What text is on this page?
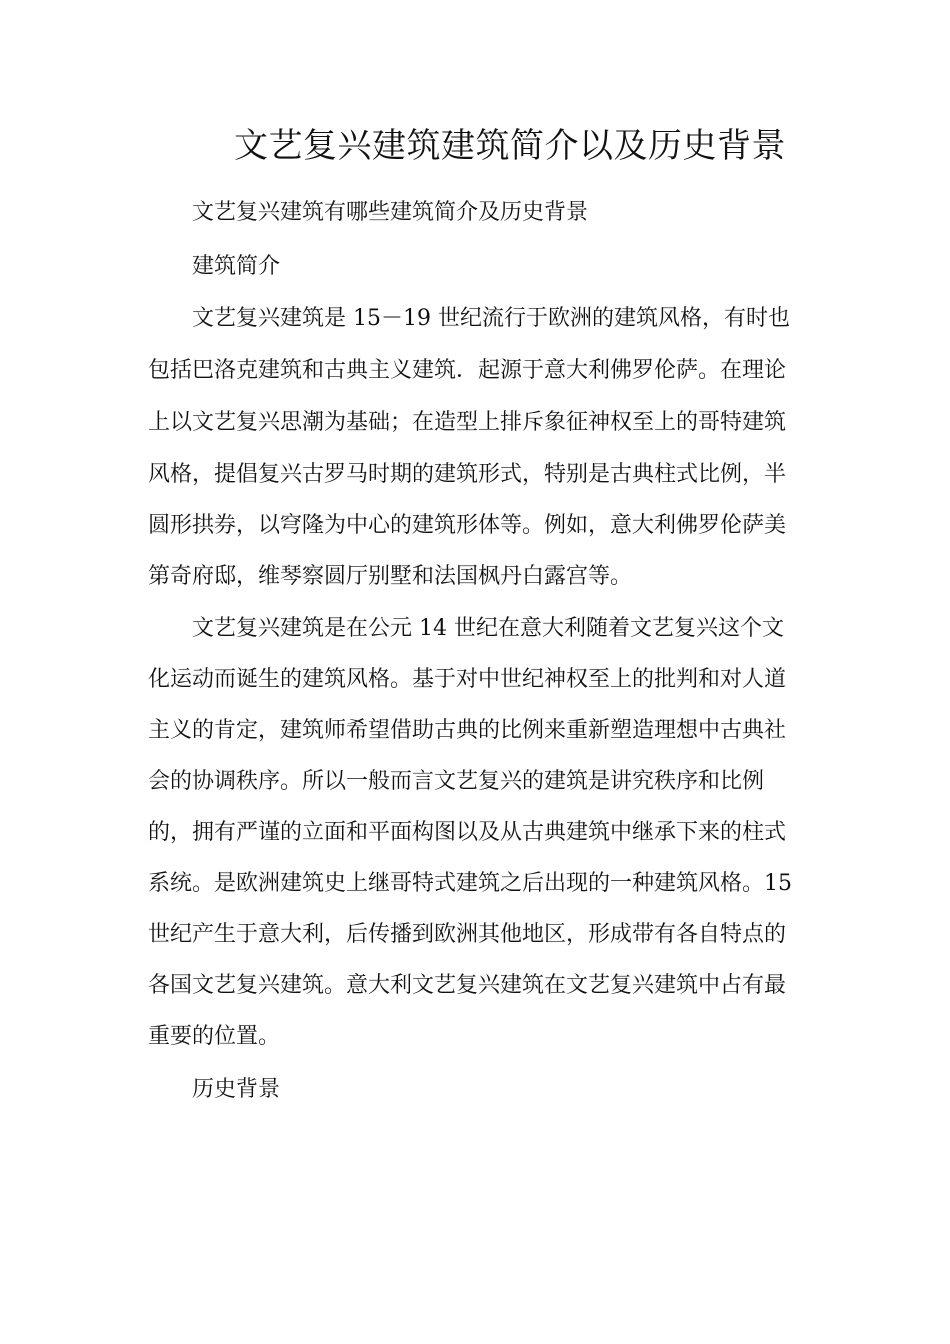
文艺复兴建筑建筑简介以及历史背景

文艺复兴建筑有哪些建筑简介及历史背景

建筑简介

文艺复兴建筑是 15－19 世纪流行于欧洲的建筑风格，有时也

包括巴洛克建筑和古典主义建筑．起源于意大利佛罗伦萨。在理论

上以文艺复兴思潮为基础；在造型上排斥象征神权至上的哥特建筑

风格，提倡复兴古罗马时期的建筑形式，特别是古典柱式比例，半

圆形拱券，以穹隆为中心的建筑形体等。例如，意大利佛罗伦萨美

第奇府邸，维琴察圆厅别墅和法国枫丹白露宫等。

文艺复兴建筑是在公元 14 世纪在意大利随着文艺复兴这个文

化运动而诞生的建筑风格。基于对中世纪神权至上的批判和对人道

主义的肯定，建筑师希望借助古典的比例来重新塑造理想中古典社

会的协调秩序。所以一般而言文艺复兴的建筑是讲究秩序和比例

的，拥有严谨的立面和平面构图以及从古典建筑中继承下来的柱式

系统。是欧洲建筑史上继哥特式建筑之后出现的一种建筑风格。15

世纪产生于意大利，后传播到欧洲其他地区，形成带有各自特点的

各国文艺复兴建筑。意大利文艺复兴建筑在文艺复兴建筑中占有最

重要的位置。

历史背景
